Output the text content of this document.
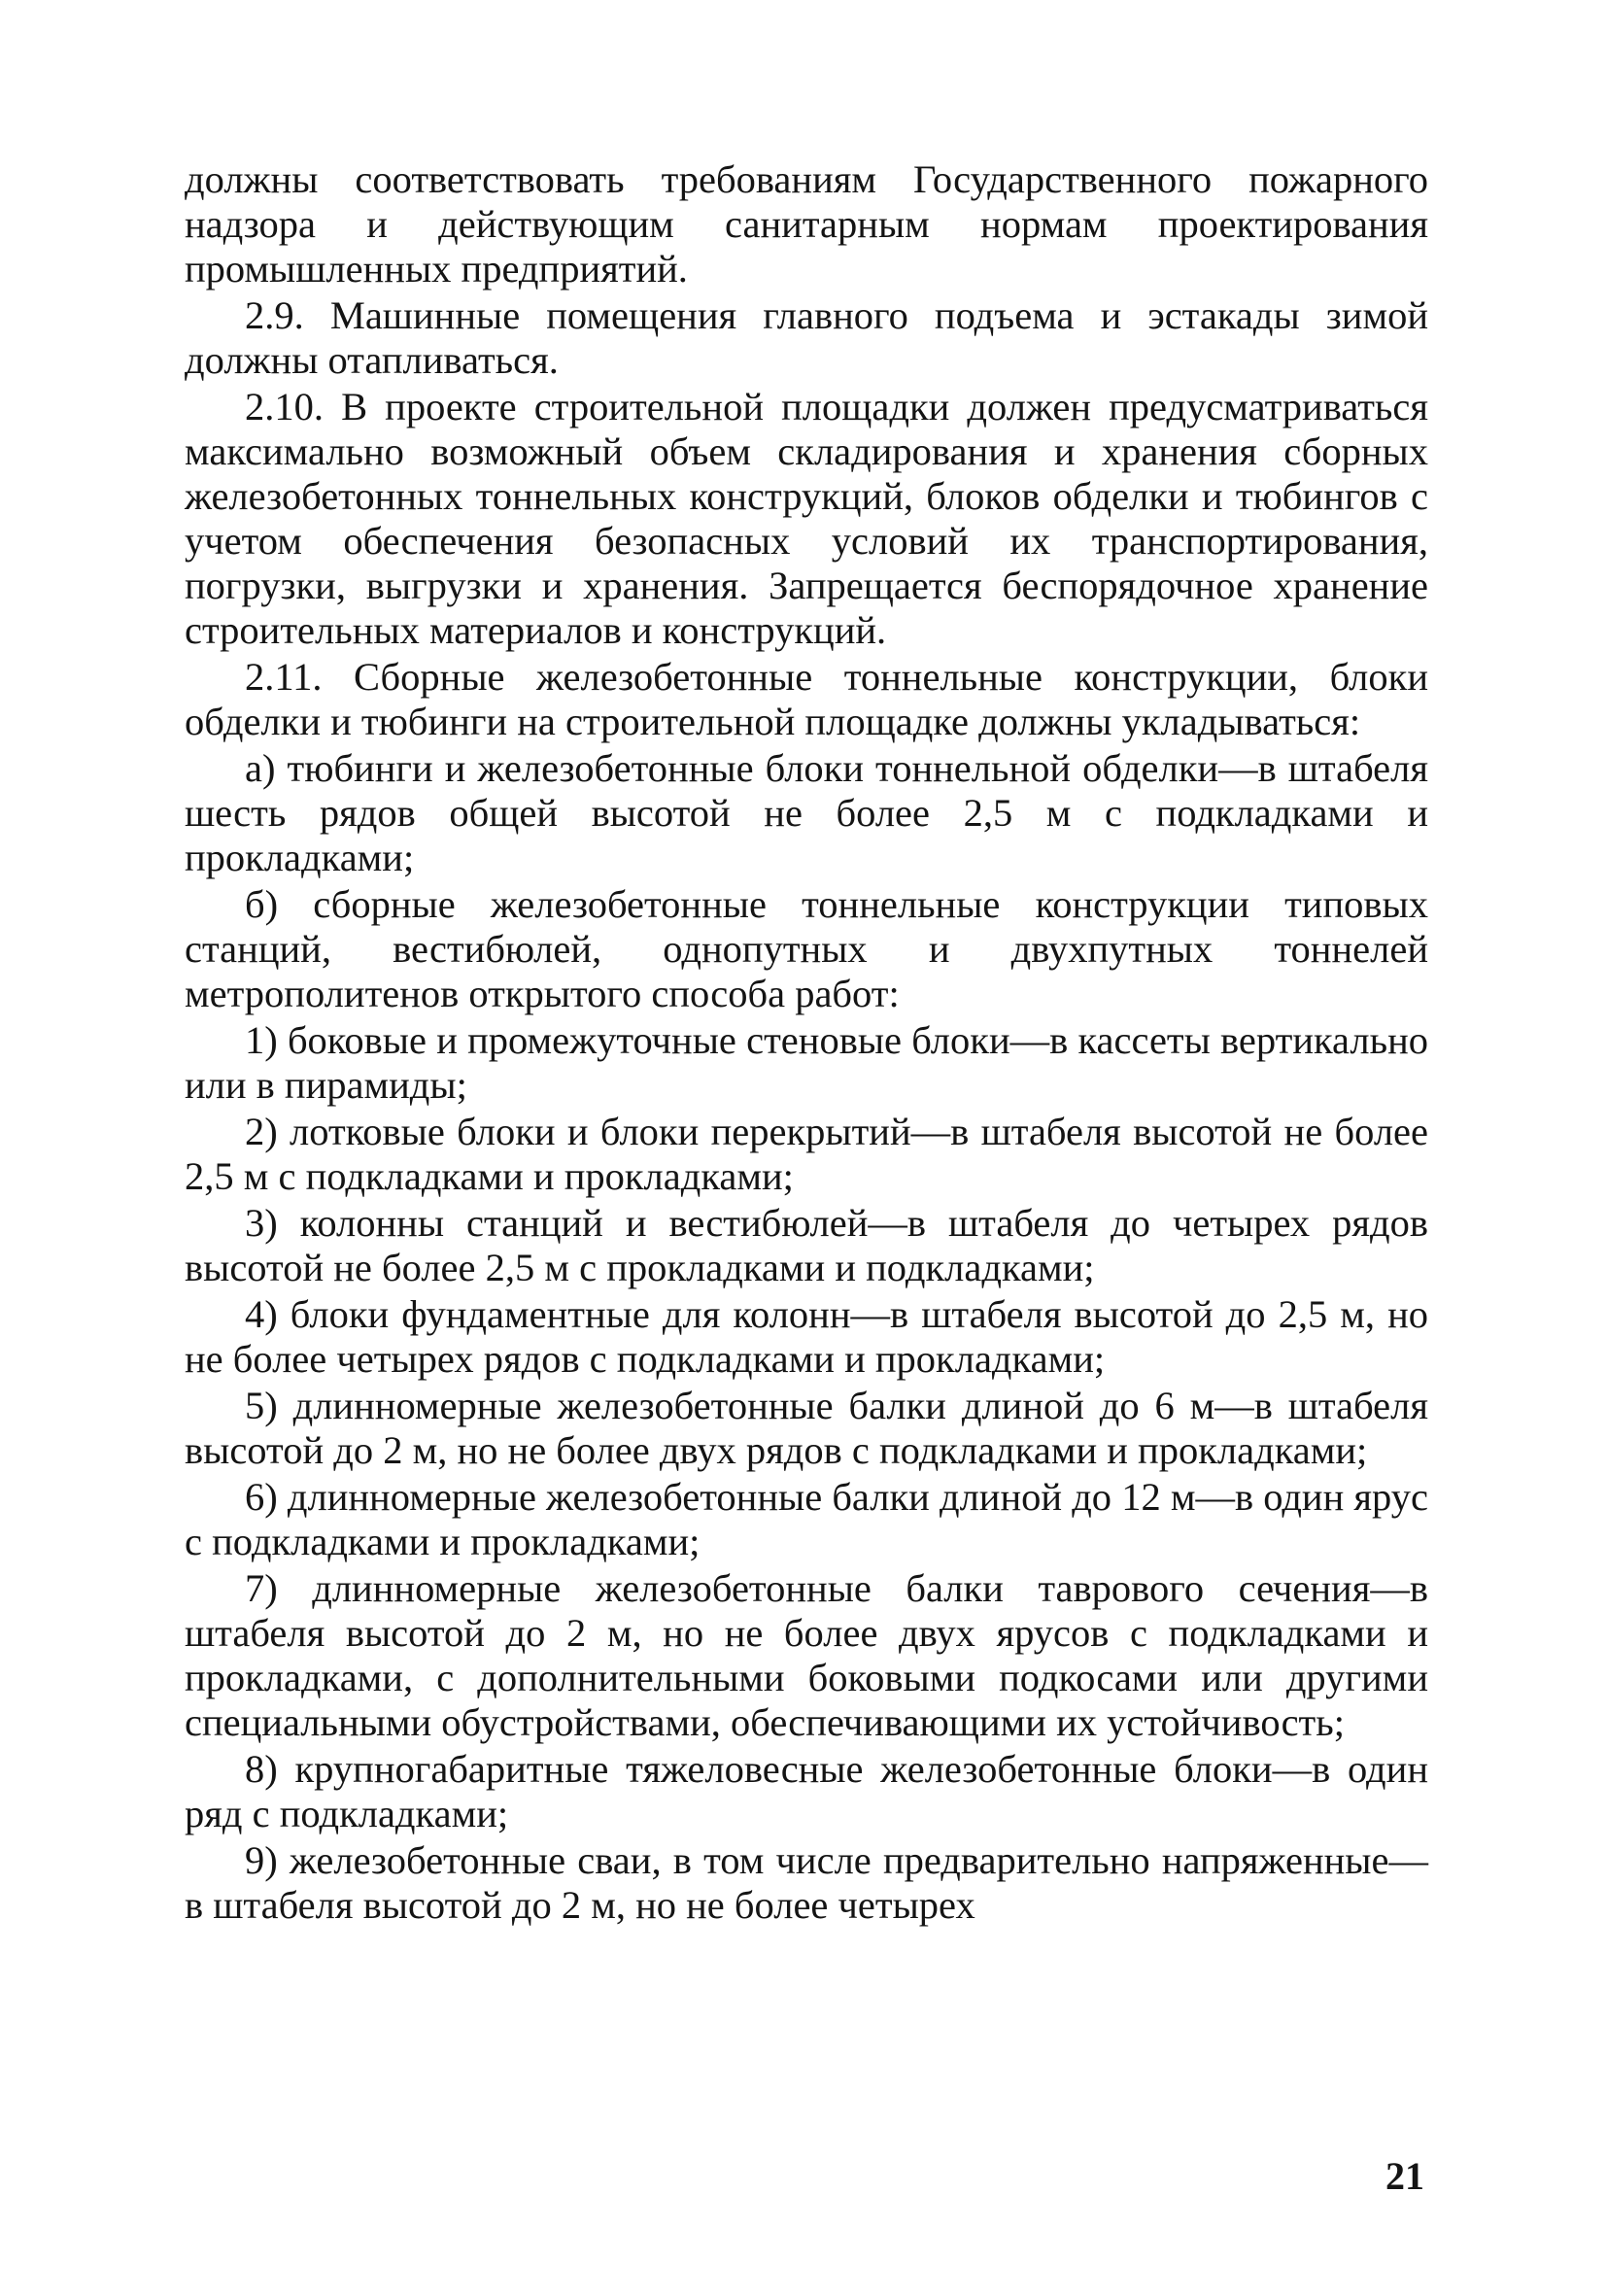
должны соответствовать требованиям Государственного пожарного надзора и действующим санитарным нормам проектирования промышленных предприятий.

2.9. Машинные помещения главного подъема и эстакады зимой должны отапливаться.

2.10. В проекте строительной площадки должен предусматриваться максимально возможный объем складирования и хранения сборных железобетонных тоннельных конструкций, блоков обделки и тюбингов с учетом обеспечения безопасных условий их транспортирования, погрузки, выгрузки и хранения. Запрещается беспорядочное хранение строительных материалов и конструкций.

2.11. Сборные железобетонные тоннельные конструкции, блоки обделки и тюбинги на строительной площадке должны укладываться:

а) тюбинги и железобетонные блоки тоннельной обделки—в штабеля шесть рядов общей высотой не более 2,5 м с подкладками и прокладками;

б) сборные железобетонные тоннельные конструкции типовых станций, вестибюлей, однопутных и двухпутных тоннелей метрополитенов открытого способа работ:

1) боковые и промежуточные стеновые блоки—в кассеты вертикально или в пирамиды;

2) лотковые блоки и блоки перекрытий—в штабеля высотой не более 2,5 м с подкладками и прокладками;

3) колонны станций и вестибюлей—в штабеля до четырех рядов высотой не более 2,5 м с прокладками и подкладками;

4) блоки фундаментные для колонн—в штабеля высотой до 2,5 м, но не более четырех рядов с подкладками и прокладками;

5) длинномерные железобетонные балки длиной до 6 м—в штабеля высотой до 2 м, но не более двух рядов с подкладками и прокладками;

6) длинномерные железобетонные балки длиной до 12 м—в один ярус с подкладками и прокладками;

7) длинномерные железобетонные балки таврового сечения—в штабеля высотой до 2 м, но не более двух ярусов с подкладками и прокладками, с дополнительными боковыми подкосами или другими специальными обустройствами, обеспечивающими их устойчивость;

8) крупногабаритные тяжеловесные железобетонные блоки—в один ряд с подкладками;

9) железобетонные сваи, в том числе предварительно напряженные—в штабеля высотой до 2 м, но не более четырех

21
